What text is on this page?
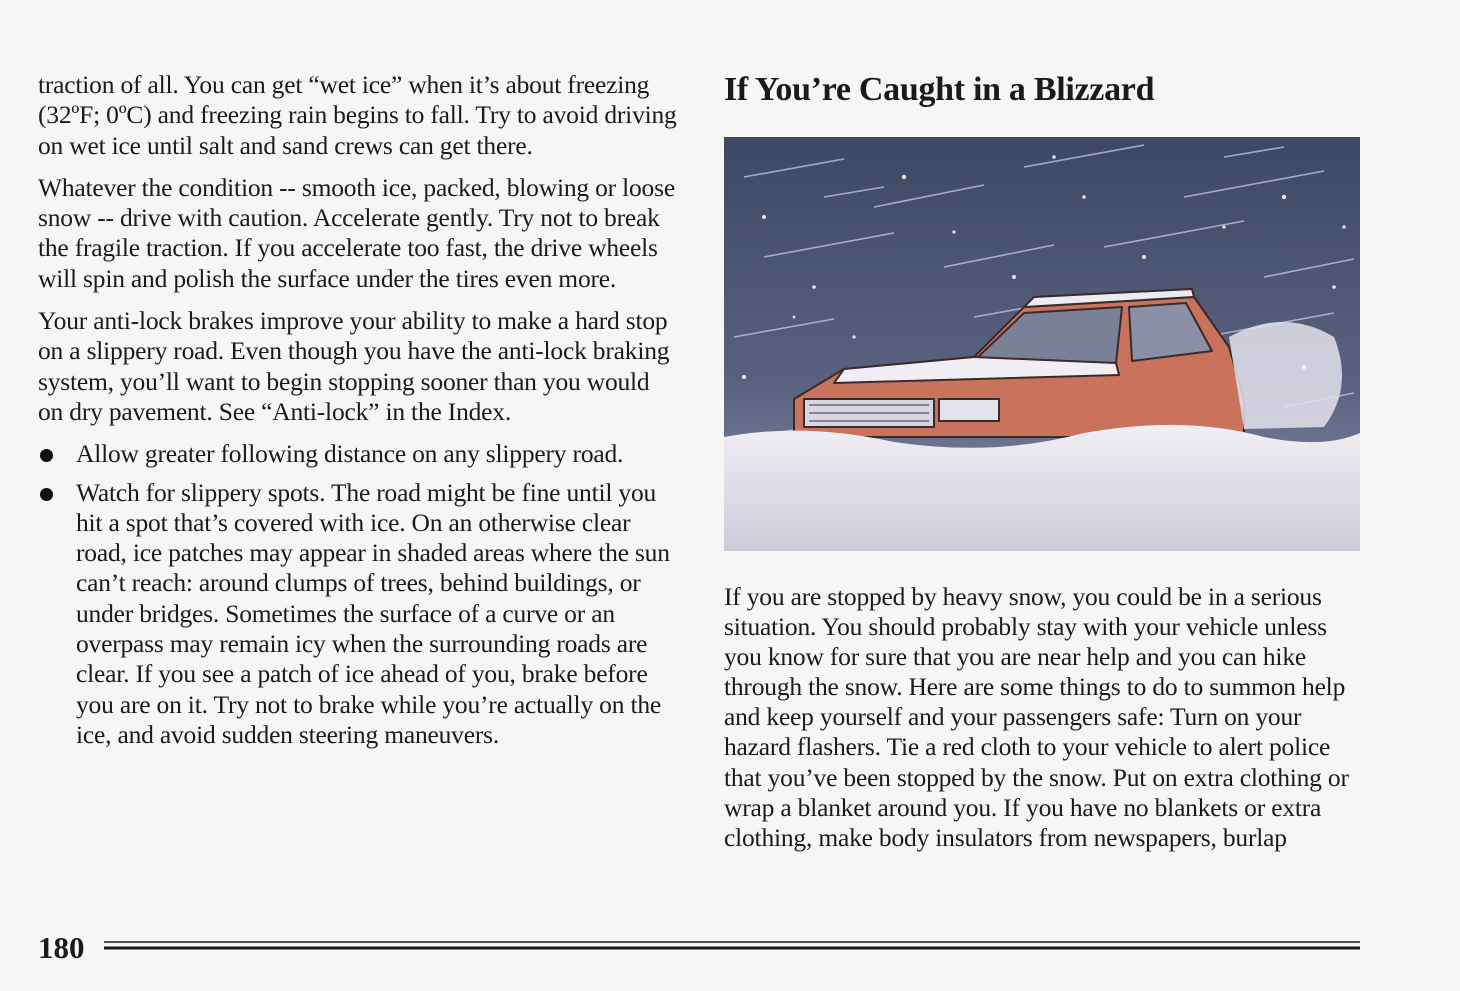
traction of all. You can get “wet ice” when it’s about freezing (32ºF; 0ºC) and freezing rain begins to fall. Try to avoid driving on wet ice until salt and sand crews can get there.

Whatever the condition -- smooth ice, packed, blowing or loose snow -- drive with caution. Accelerate gently. Try not to break the fragile traction. If you accelerate too fast, the drive wheels will spin and polish the surface under the tires even more.

Your anti-lock brakes improve your ability to make a hard stop on a slippery road. Even though you have the anti-lock braking system, you’ll want to begin stopping sooner than you would on dry pavement. See “Anti-lock” in the Index.

Allow greater following distance on any slippery road.
Watch for slippery spots. The road might be fine until you hit a spot that’s covered with ice. On an otherwise clear road, ice patches may appear in shaded areas where the sun can’t reach: around clumps of trees, behind buildings, or under bridges. Sometimes the surface of a curve or an overpass may remain icy when the surrounding roads are clear. If you see a patch of ice ahead of you, brake before you are on it. Try not to brake while you’re actually on the ice, and avoid sudden steering maneuvers.
If You’re Caught in a Blizzard

If you are stopped by heavy snow, you could be in a serious situation. You should probably stay with your vehicle unless you know for sure that you are near help and you can hike through the snow. Here are some things to do to summon help and keep yourself and your passengers safe: Turn on your hazard flashers. Tie a red cloth to your vehicle to alert police that you’ve been stopped by the snow. Put on extra clothing or wrap a blanket around you. If you have no blankets or extra clothing, make body insulators from newspapers, burlap

180
